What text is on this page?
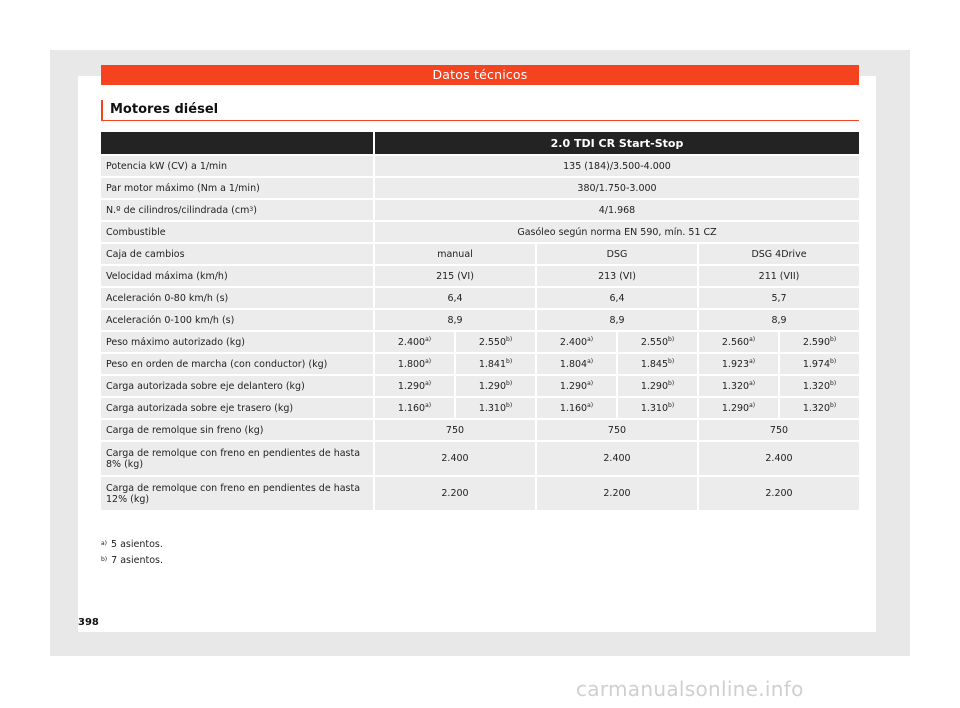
Datos técnicos
Motores diésel
	2.0 TDI CR Start-Stop					
Potencia kW (CV) a 1/min	135 (184)/3.500-4.000					
Par motor máximo (Nm a 1/min)	380/1.750-3.000					
N.º de cilindros/cilindrada $(cm^3)$	4/1.968					
Combustible	Gasóleo según norma EN 590, mín. 51 CZ					
Caja de cambios	manual		DSG		DSG 4Drive	
Velocidad máxima (km/h)	215 (VI)		213 (VI)		211 (VII)	
Aceleración 0-80 km/h (s)	6,4		6,4		5,7	
Aceleración 0-100 km/h (s)	8,9		8,9		8,9	
Peso máximo autorizado (kg)	2.400$^{a)}$	2.550$^{b)}$	2.400$^{a)}$	2.550$^{b)}$	2.560$^{a)}$	2.590$^{b)}$
Peso en orden de marcha (con conductor) (kg)	1.800$^{a)}$	1.841$^{b)}$	1.804$^{a)}$	1.845$^{b)}$	1.923$^{a)}$	1.974$^{b)}$
Carga autorizada sobre eje delantero (kg)	1.290$^{a)}$	1.290$^{b)}$	1.290$^{a)}$	1.290$^{b)}$	1.320$^{a)}$	1.320$^{b)}$
Carga autorizada sobre eje trasero (kg)	1.160$^{a)}$	1.310$^{b)}$	1.160$^{a)}$	1.310$^{b)}$	1.290$^{a)}$	1.320$^{b)}$
Carga de remolque sin freno (kg)	750		750		750	
Carga de remolque con freno en pendientes de hasta 8% (kg)	2.400		2.400		2.400	
Carga de remolque con freno en pendientes de hasta 12% (kg)	2.200		2.200		2.200	
$^{a)}$ 5 asientos.
$^{b)}$ 7 asientos.
398
carmanualsonline.info
